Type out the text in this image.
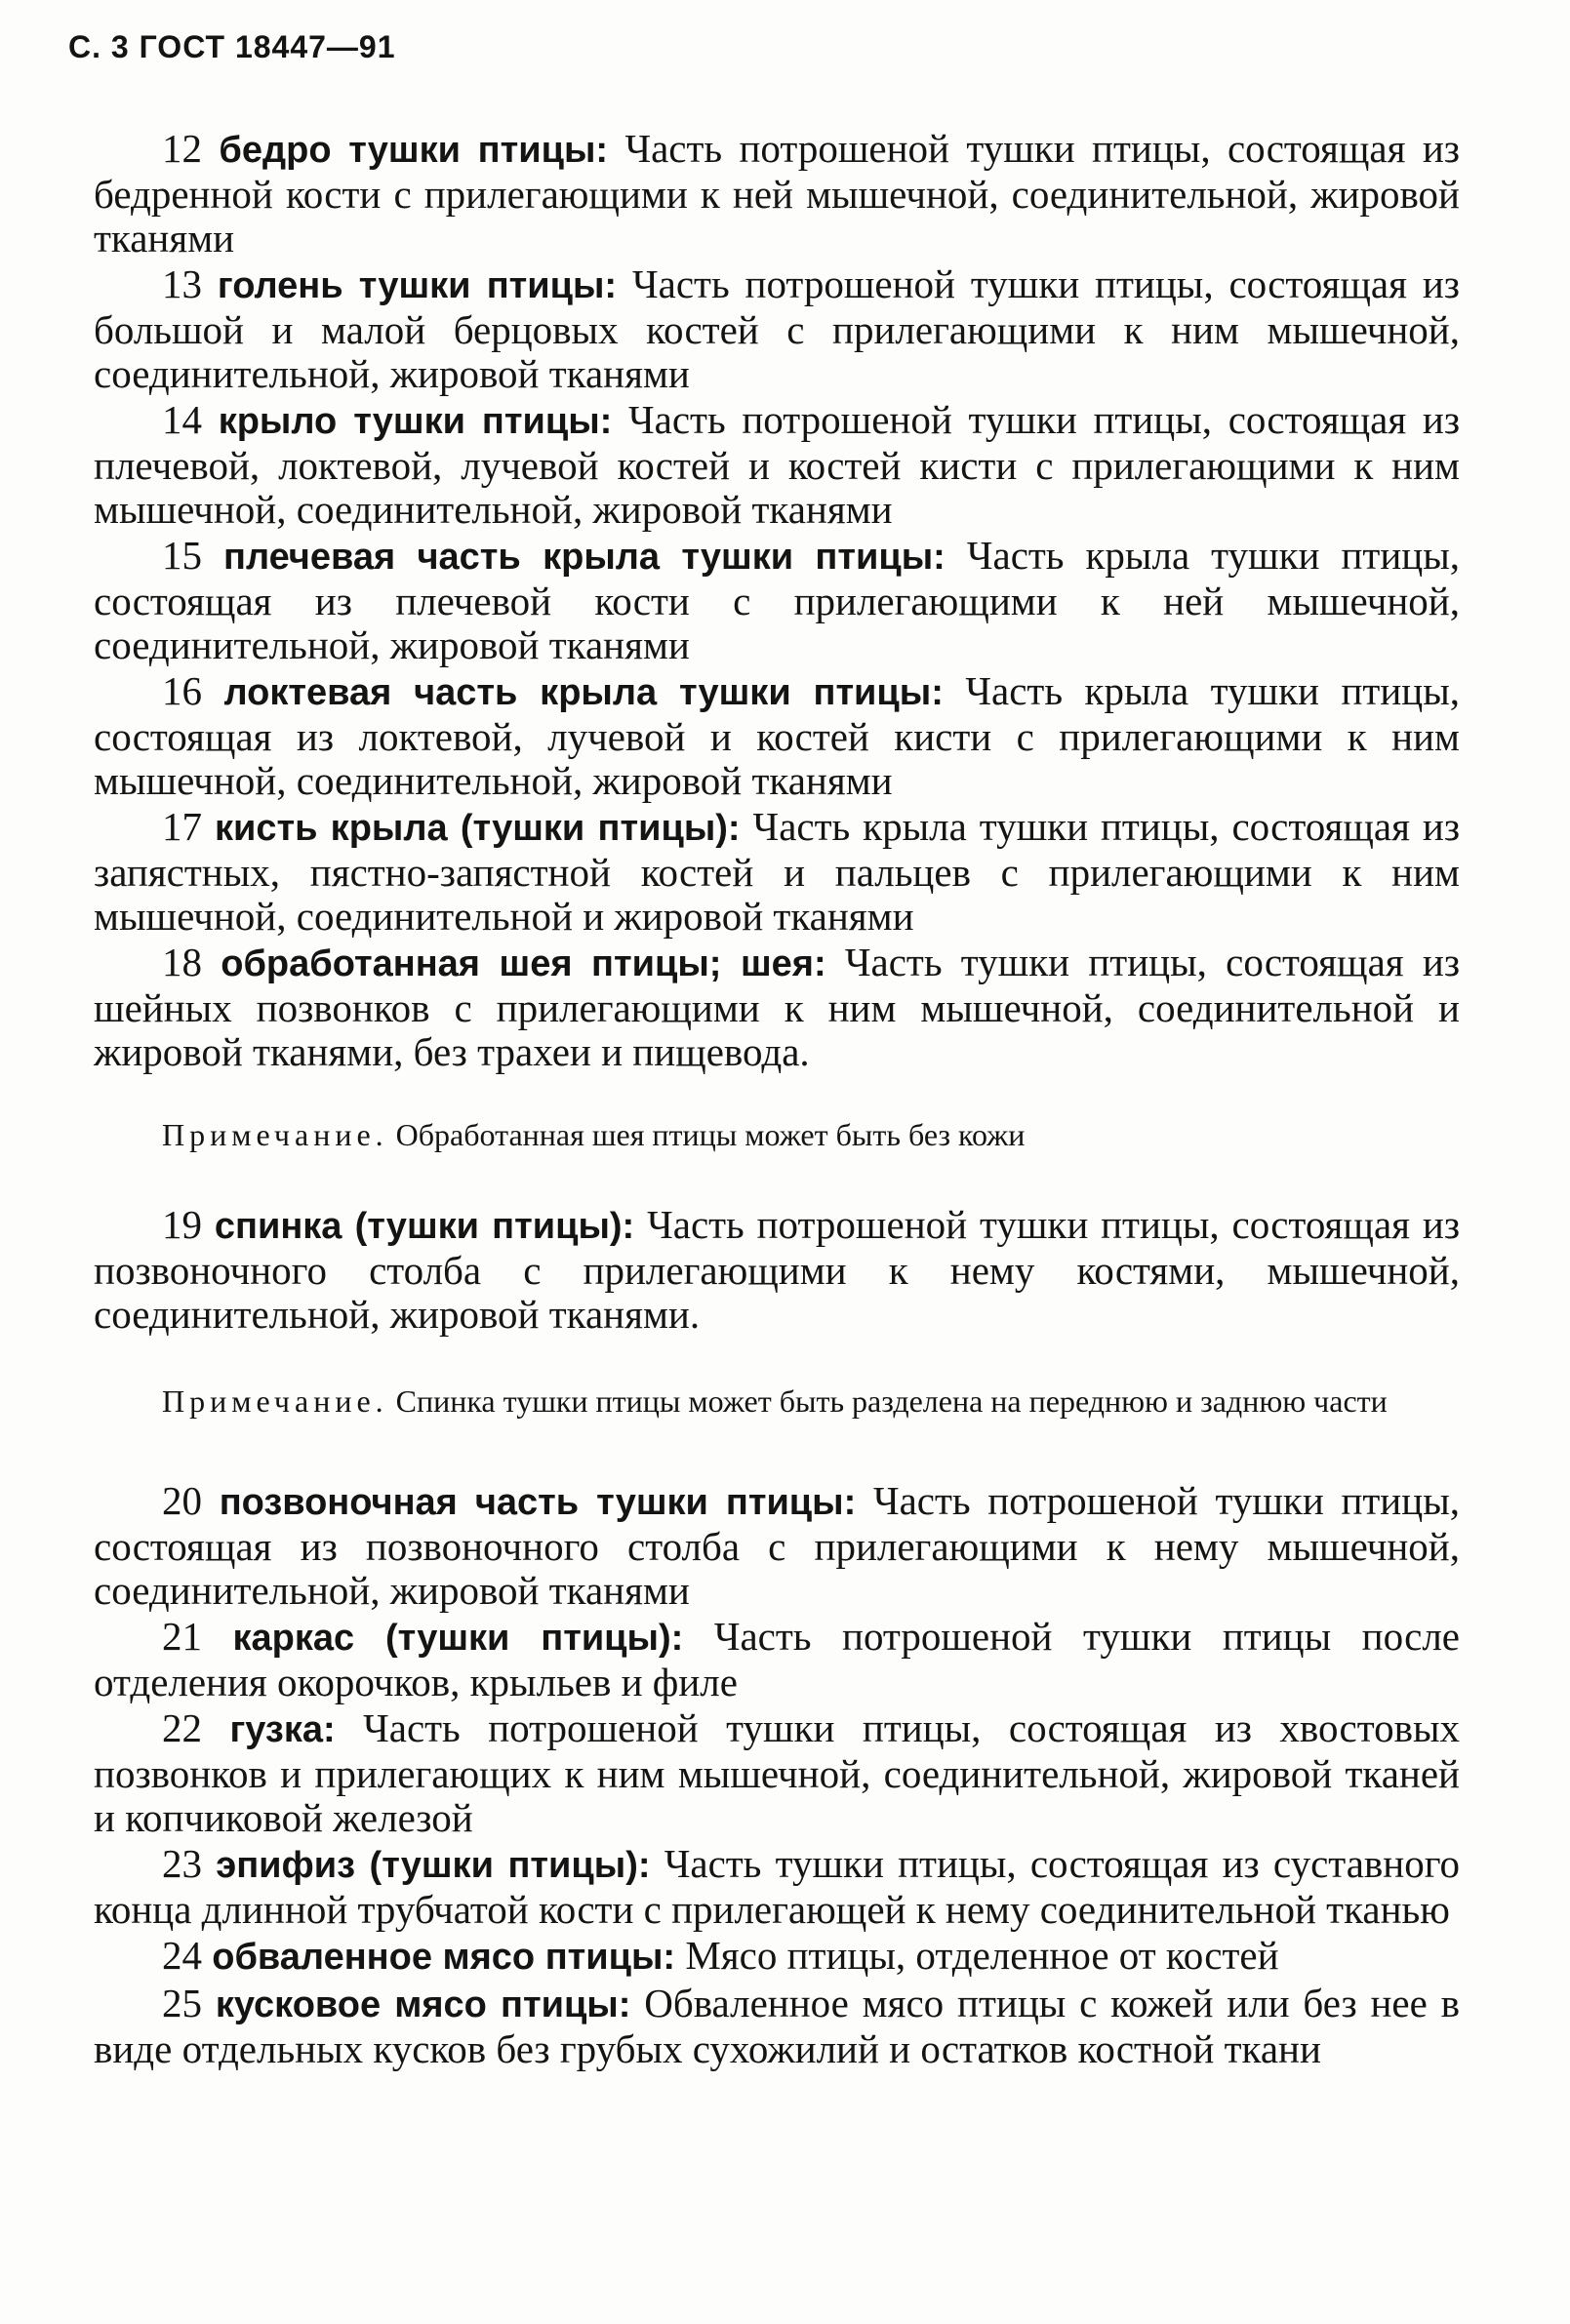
С. 3 ГОСТ 18447—91

12 бедро тушки птицы: Часть потрошеной тушки птицы, состоящая из бедренной кости с прилегающими к ней мышечной, соединительной, жировой тканями

13 голень тушки птицы: Часть потрошеной тушки птицы, состоящая из большой и малой берцовых костей с прилегающими к ним мышечной, соединительной, жировой тканями

14 крыло тушки птицы: Часть потрошеной тушки птицы, состоящая из плечевой, локтевой, лучевой костей и костей кисти с прилегающими к ним мышечной, соединительной, жировой тканями

15 плечевая часть крыла тушки птицы: Часть крыла тушки птицы, состоящая из плечевой кости с прилегающими к ней мышечной, соединительной, жировой тканями

16 локтевая часть крыла тушки птицы: Часть крыла тушки птицы, состоящая из локтевой, лучевой и костей кисти с прилегающими к ним мышечной, соединительной, жировой тканями

17 кисть крыла (тушки птицы): Часть крыла тушки птицы, состоящая из запястных, пястно-запястной костей и пальцев с прилегающими к ним мышечной, соединительной и жировой тканями

18 обработанная шея птицы; шея: Часть тушки птицы, состоящая из шейных позвонков с прилегающими к ним мышечной, соединительной и жировой тканями, без трахеи и пищевода.

Примечание. Обработанная шея птицы может быть без кожи

19 спинка (тушки птицы): Часть потрошеной тушки птицы, состоящая из позвоночного столба с прилегающими к нему костями, мышечной, соединительной, жировой тканями.

Примечание. Спинка тушки птицы может быть разделена на переднюю и заднюю части

20 позвоночная часть тушки птицы: Часть потрошеной тушки птицы, состоящая из позвоночного столба с прилегающими к нему мышечной, соединительной, жировой тканями

21 каркас (тушки птицы): Часть потрошеной тушки птицы после отделения окорочков, крыльев и филе

22 гузка: Часть потрошеной тушки птицы, состоящая из хвостовых позвонков и прилегающих к ним мышечной, соединительной, жировой тканей и копчиковой железой

23 эпифиз (тушки птицы): Часть тушки птицы, состоящая из суставного конца длинной трубчатой кости с прилегающей к нему соединительной тканью

24 обваленное мясо птицы: Мясо птицы, отделенное от костей

25 кусковое мясо птицы: Обваленное мясо птицы с кожей или без нее в виде отдельных кусков без грубых сухожилий и остатков костной ткани
